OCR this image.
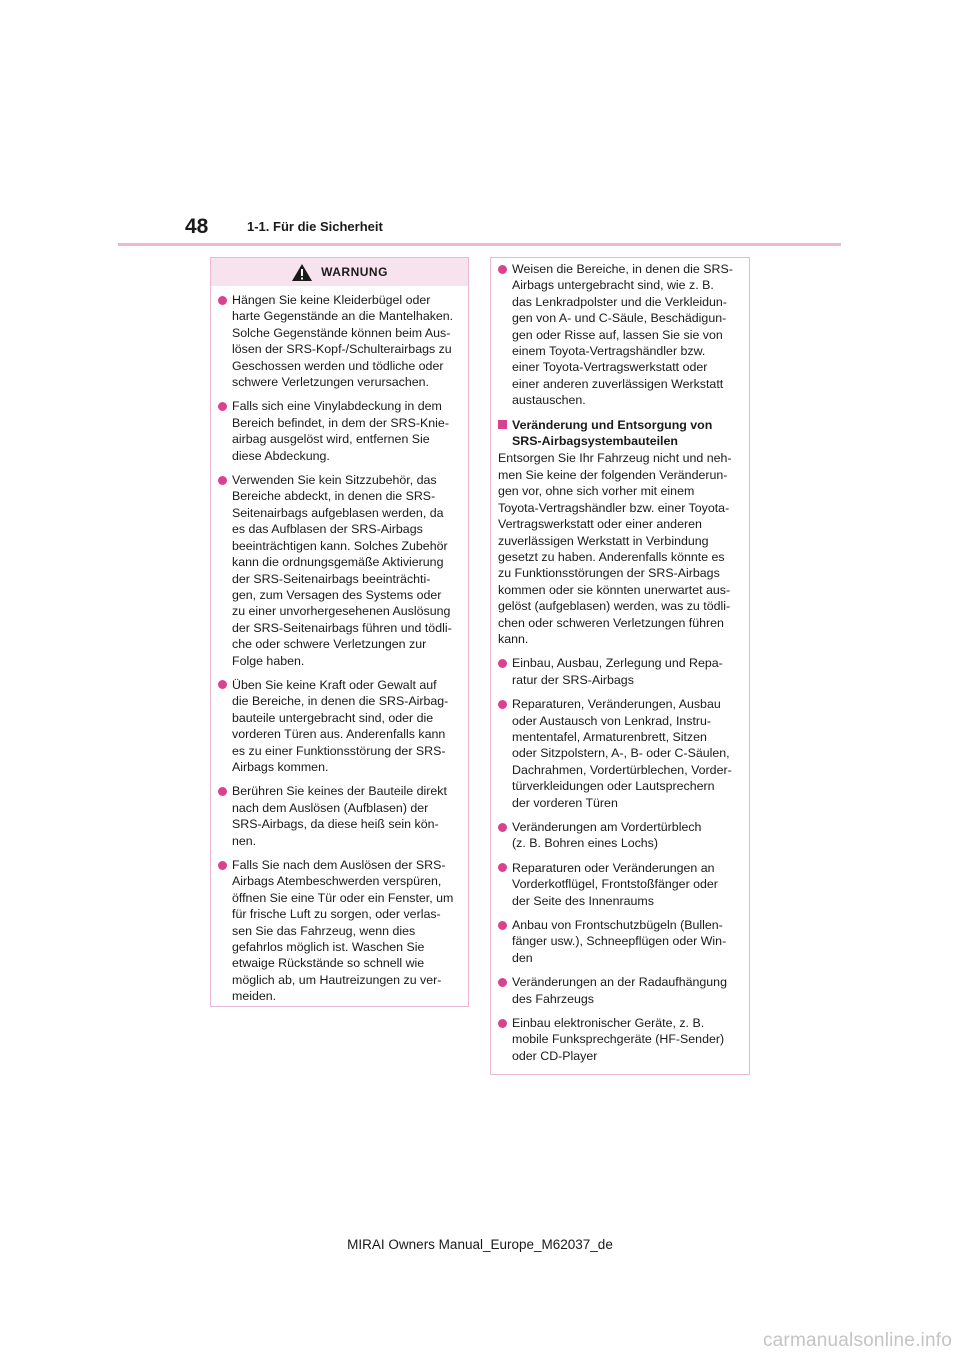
48	1-1. Für die Sicherheit
WARNUNG
Hängen Sie keine Kleiderbügel oder
harte Gegenstände an die Mantelhaken.
Solche Gegenstände können beim Aus-
lösen der SRS-Kopf-/Schulterairbags zu
Geschossen werden und tödliche oder
schwere Verletzungen verursachen.
Falls sich eine Vinylabdeckung in dem
Bereich befindet, in dem der SRS-Knie-
airbag ausgelöst wird, entfernen Sie
diese Abdeckung.
Verwenden Sie kein Sitzzubehör, das
Bereiche abdeckt, in denen die SRS-
Seitenairbags aufgeblasen werden, da
es das Aufblasen der SRS-Airbags
beeinträchtigen kann. Solches Zubehör
kann die ordnungsgemäße Aktivierung
der SRS-Seitenairbags beeinträchti-
gen, zum Versagen des Systems oder
zu einer unvorhergesehenen Auslösung
der SRS-Seitenairbags führen und tödli-
che oder schwere Verletzungen zur
Folge haben.
Üben Sie keine Kraft oder Gewalt auf
die Bereiche, in denen die SRS-Airbag-
bauteile untergebracht sind, oder die
vorderen Türen aus. Anderenfalls kann
es zu einer Funktionsstörung der SRS-
Airbags kommen.
Berühren Sie keines der Bauteile direkt
nach dem Auslösen (Aufblasen) der
SRS-Airbags, da diese heiß sein kön-
nen.
Falls Sie nach dem Auslösen der SRS-
Airbags Atembeschwerden verspüren,
öffnen Sie eine Tür oder ein Fenster, um
für frische Luft zu sorgen, oder verlas-
sen Sie das Fahrzeug, wenn dies
gefahrlos möglich ist. Waschen Sie
etwaige Rückstände so schnell wie
möglich ab, um Hautreizungen zu ver-
meiden.
Weisen die Bereiche, in denen die SRS-
Airbags untergebracht sind, wie z. B.
das Lenkradpolster und die Verkleidun-
gen von A- und C-Säule, Beschädigun-
gen oder Risse auf, lassen Sie sie von
einem Toyota-Vertragshändler bzw.
einer Toyota-Vertragswerkstatt oder
einer anderen zuverlässigen Werkstatt
austauschen.
Veränderung und Entsorgung von
SRS-Airbagsystembauteilen
Entsorgen Sie Ihr Fahrzeug nicht und neh-
men Sie keine der folgenden Veränderun-
gen vor, ohne sich vorher mit einem
Toyota-Vertragshändler bzw. einer Toyota-
Vertragswerkstatt oder einer anderen
zuverlässigen Werkstatt in Verbindung
gesetzt zu haben. Anderenfalls könnte es
zu Funktionsstörungen der SRS-Airbags
kommen oder sie könnten unerwartet aus-
gelöst (aufgeblasen) werden, was zu tödli-
chen oder schweren Verletzungen führen
kann.
Einbau, Ausbau, Zerlegung und Repa-
ratur der SRS-Airbags
Reparaturen, Veränderungen, Ausbau
oder Austausch von Lenkrad, Instru-
mententafel, Armaturenbrett, Sitzen
oder Sitzpolstern, A-, B- oder C-Säulen,
Dachrahmen, Vordertürblechen, Vorder-
türverkleidungen oder Lautsprechern
der vorderen Türen
Veränderungen am Vordertürblech
(z. B. Bohren eines Lochs)
Reparaturen oder Veränderungen an
Vorderkotflügel, Frontstoßfänger oder
der Seite des Innenraums
Anbau von Frontschutzbügeln (Bullen-
fänger usw.), Schneepflügen oder Win-
den
Veränderungen an der Radaufhängung
des Fahrzeugs
Einbau elektronischer Geräte, z. B.
mobile Funksprechgeräte (HF-Sender)
oder CD-Player
MIRAI Owners Manual_Europe_M62037_de
carmanualsonline.info
